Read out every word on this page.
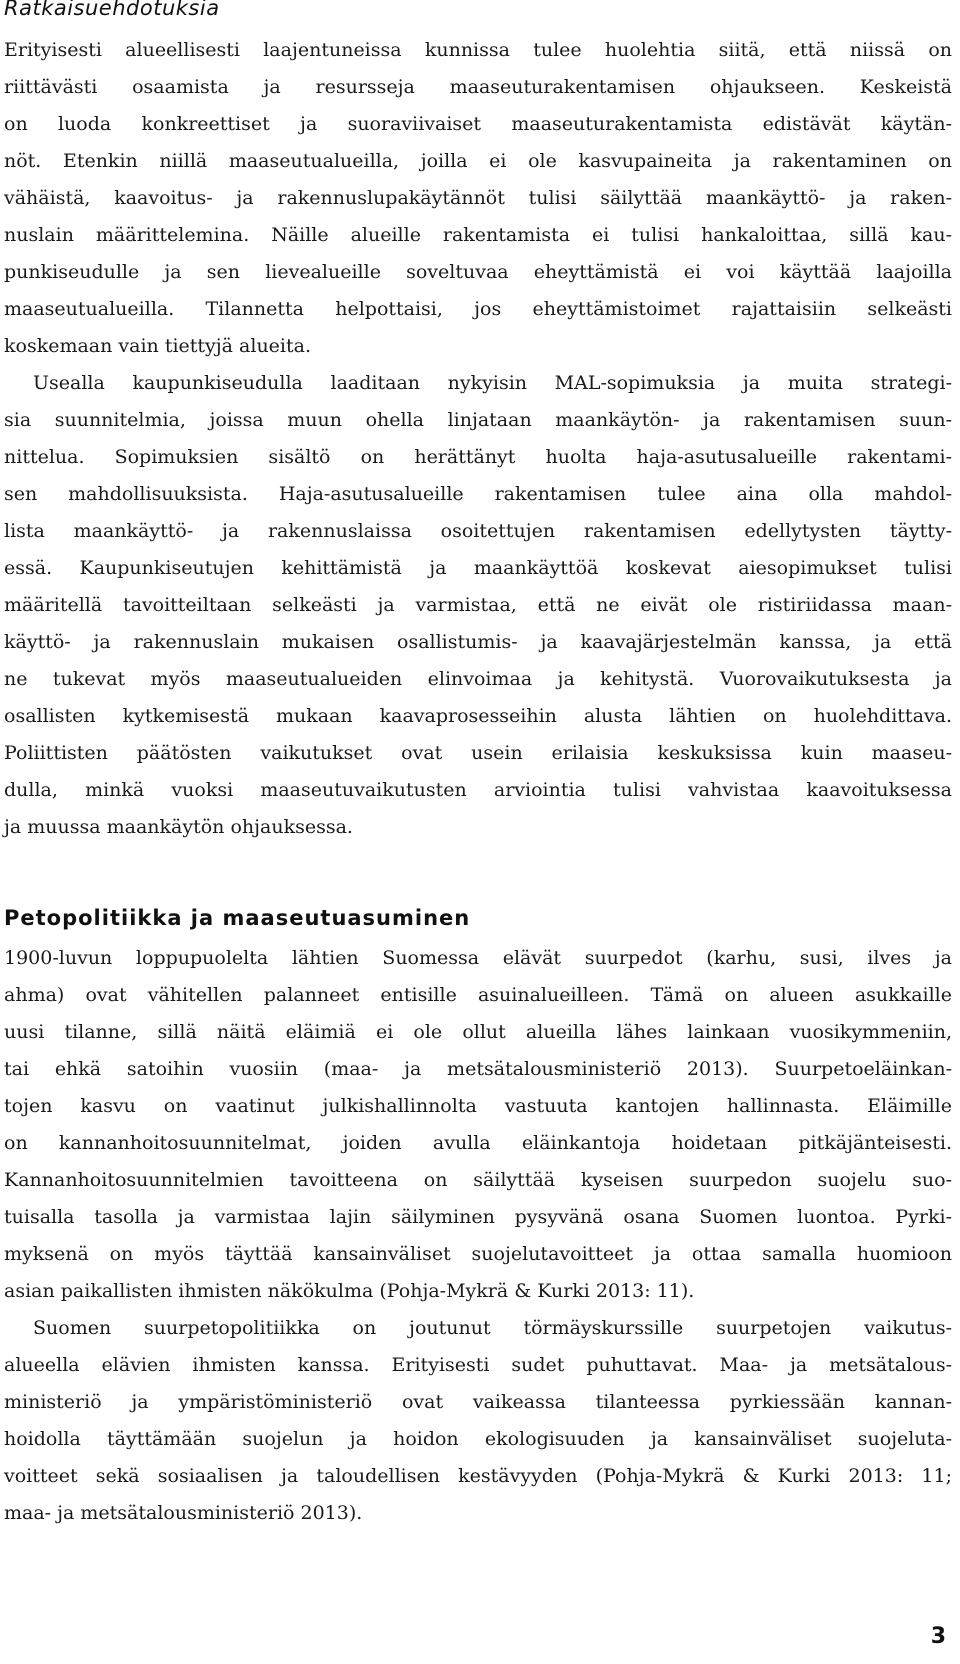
Ratkaisuehdotuksia
Erityisesti alueellisesti laajentuneissa kunnissa tulee huolehtia siitä, että niissä on
riittävästi osaamista ja resursseja maaseuturakentamisen ohjaukseen. Keskeistä
on luoda konkreettiset ja suoraviivaiset maaseuturakentamista edistävät käytän-
nöt. Etenkin niillä maaseutualueilla, joilla ei ole kasvupaineita ja rakentaminen on
vähäistä, kaavoitus- ja rakennuslupakäytännöt tulisi säilyttää maankäyttö- ja raken-
nuslain määrittelemina. Näille alueille rakentamista ei tulisi hankaloittaa, sillä kau-
punkiseudulle ja sen lievealueille soveltuvaa eheyttämistä ei voi käyttää laajoilla
maaseutualueilla. Tilannetta helpottaisi, jos eheyttämistoimet rajattaisiin selkeästi
koskemaan vain tiettyjä alueita.
Usealla kaupunkiseudulla laaditaan nykyisin MAL-sopimuksia ja muita strategi-
sia suunnitelmia, joissa muun ohella linjataan maankäytön- ja rakentamisen suun-
nittelua. Sopimuksien sisältö on herättänyt huolta haja-asutusalueille rakentami-
sen mahdollisuuksista. Haja-asutusalueille rakentamisen tulee aina olla mahdol-
lista maankäyttö- ja rakennuslaissa osoitettujen rakentamisen edellytysten täytty-
essä. Kaupunkiseutujen kehittämistä ja maankäyttöä koskevat aiesopimukset tulisi
määritellä tavoitteiltaan selkeästi ja varmistaa, että ne eivät ole ristiriidassa maan-
käyttö- ja rakennuslain mukaisen osallistumis- ja kaavajärjestelmän kanssa, ja että
ne tukevat myös maaseutualueiden elinvoimaa ja kehitystä. Vuorovaikutuksesta ja
osallisten kytkemisestä mukaan kaavaprosesseihin alusta lähtien on huolehdittava.
Poliittisten päätösten vaikutukset ovat usein erilaisia keskuksissa kuin maaseu-
dulla, minkä vuoksi maaseutuvaikutusten arviointia tulisi vahvistaa kaavoituksessa
ja muussa maankäytön ohjauksessa.
Petopolitiikka ja maaseutuasuminen
1900-luvun loppupuolelta lähtien Suomessa elävät suurpedot (karhu, susi, ilves ja
ahma) ovat vähitellen palanneet entisille asuinalueilleen. Tämä on alueen asukkaille
uusi tilanne, sillä näitä eläimiä ei ole ollut alueilla lähes lainkaan vuosikymmeniin,
tai ehkä satoihin vuosiin (maa- ja metsätalousministeriö 2013). Suurpetoeläinkan-
tojen kasvu on vaatinut julkishallinnolta vastuuta kantojen hallinnasta. Eläimille
on kannanhoitosuunnitelmat, joiden avulla eläinkantoja hoidetaan pitkäjänteisesti.
Kannanhoitosuunnitelmien tavoitteena on säilyttää kyseisen suurpedon suojelu suo-
tuisalla tasolla ja varmistaa lajin säilyminen pysyvänä osana Suomen luontoa. Pyrki-
myksenä on myös täyttää kansainväliset suojelutavoitteet ja ottaa samalla huomioon
asian paikallisten ihmisten näkökulma (Pohja-Mykrä & Kurki 2013: 11).
Suomen suurpetopolitiikka on joutunut törmäyskurssille suurpetojen vaikutus-
alueella elävien ihmisten kanssa. Erityisesti sudet puhuttavat. Maa- ja metsätalous-
ministeriö ja ympäristöministeriö ovat vaikeassa tilanteessa pyrkiessään kannan-
hoidolla täyttämään suojelun ja hoidon ekologisuuden ja kansainväliset suojeluta-
voitteet sekä sosiaalisen ja taloudellisen kestävyyden (Pohja-Mykrä & Kurki 2013: 11;
maa- ja metsätalousministeriö 2013).
3
